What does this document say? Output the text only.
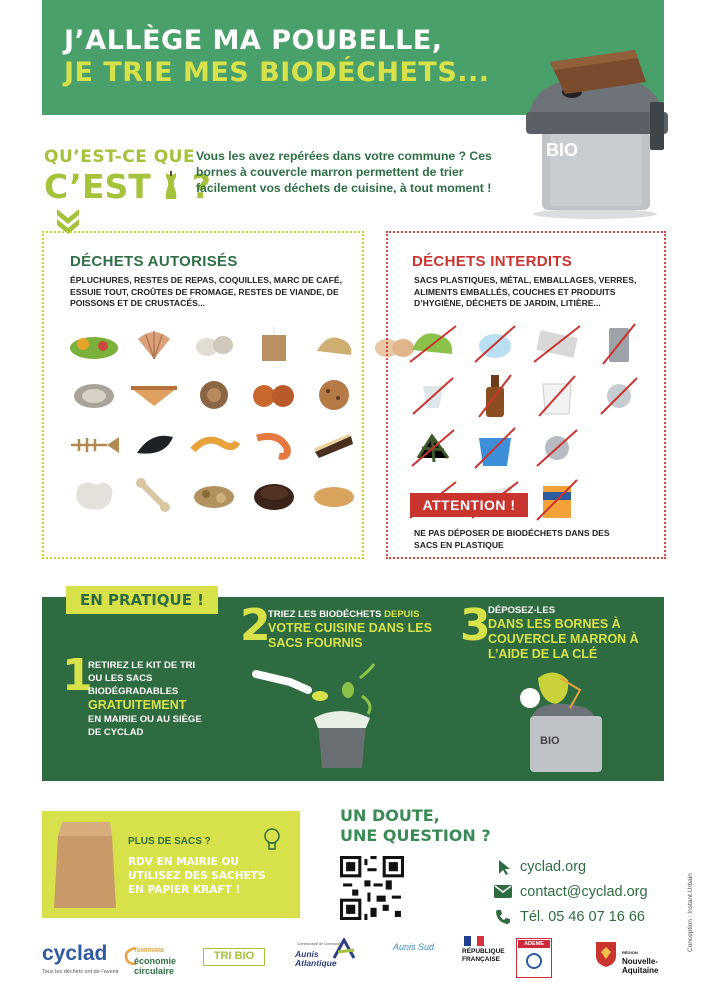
J’ALLÈGE MA POUBELLE,
JE TRIE MES BIODÉCHETS...
BIO
QU’EST-CE QUE
C’EST ?
Vous les avez repérées dans votre commune ? Ces bornes à couvercle marron permettent de trier facilement vos déchets de cuisine, à tout moment !
DÉCHETS AUTORISÉS
ÉPLUCHURES, RESTES DE REPAS, COQUILLES, MARC DE CAFÉ, ESSUIE TOUT, CROÛTES DE FROMAGE, RESTES DE VIANDE, DE POISSONS ET DE CRUSTACÉS...
DÉCHETS INTERDITS
SACS PLASTIQUES, MÉTAL, EMBALLAGES, VERRES, ALIMENTS EMBALLÉS, COUCHES ET PRODUITS D’HYGIÈNE, DÉCHETS DE JARDIN, LITIÈRE...
ATTENTION !
NE PAS DÉPOSER DE BIODÉCHETS DANS DES SACS EN PLASTIQUE
EN PRATIQUE !
1
RETIREZ LE KIT DE TRI OU LES SACS BIODÉGRADABLES
GRATUITEMENT
EN MAIRIE OU AU SIÈGE DE CYCLAD
2
TRIEZ LES BIODÉCHETS DEPUIS
VOTRE CUISINE DANS LES SACS FOURNIS	3
DÉPOSEZ-LES
DANS LES BORNES À COUVERCLE MARRON À L’AIDE DE LA CLÉ
BIO
PLUS DE SACS ?
RDV EN MAIRIE OU UTILISEZ DES SACHETS EN PAPIER KRAFT !
UN DOUTE,
UNE QUESTION ?
cyclad.org
contact@cyclad.org
Tél. 05 46 07 16 66	Conception : Instant Urbain
cyclad
Tous les déchets ont de l’avenir
TERRITOIRE
économie
circulaire
TRI BIO
Communauté de Communes
Aunis
Atlantique
Aunis Sud	RÉPUBLIQUE
FRANÇAISE
ADEME
RÉGION
Nouvelle-
Aquitaine
